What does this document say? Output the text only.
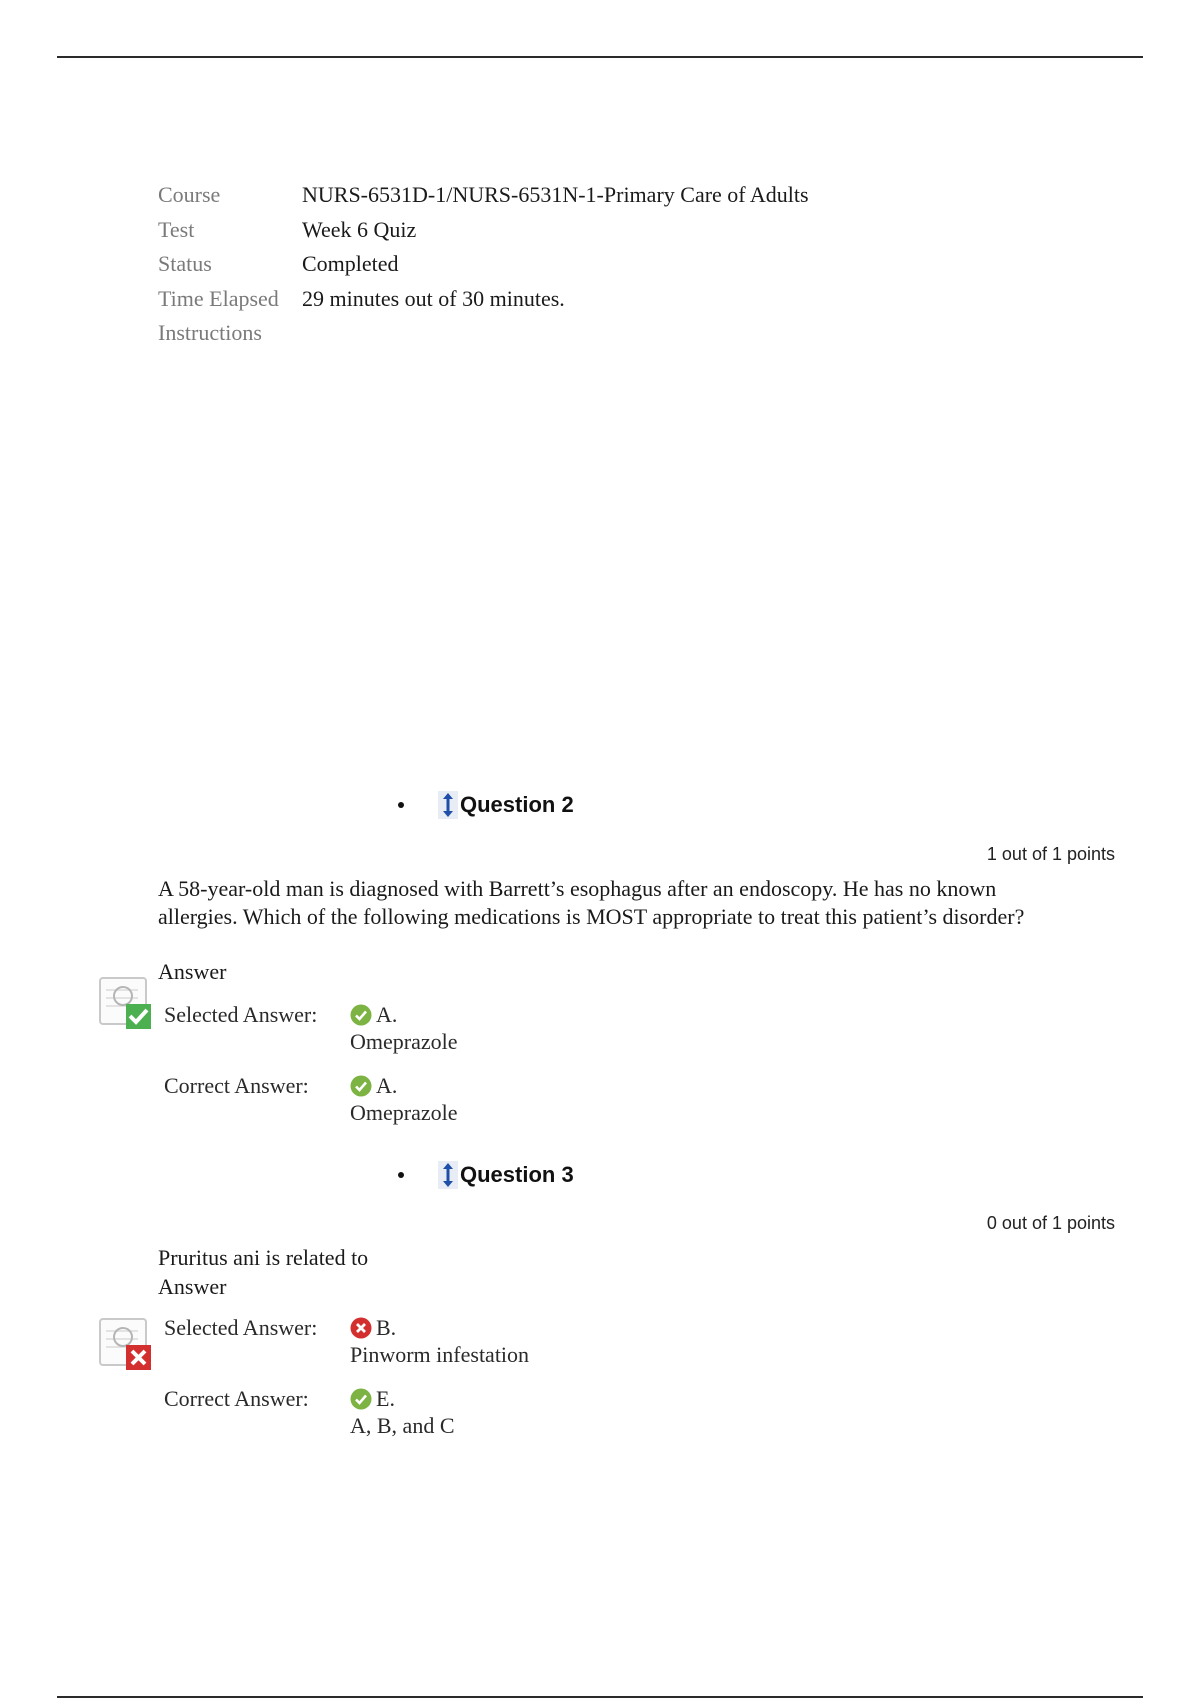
Course	NURS-6531D-1/NURS-6531N-1-Primary Care of Adults
Test	Week 6 Quiz
Status	Completed
Time Elapsed	29 minutes out of 30 minutes.
Instructions
Question 2
1 out of 1 points
A 58-year-old man is diagnosed with Barrett’s esophagus after an endoscopy. He has no known allergies. Which of the following medications is MOST appropriate to treat this patient’s disorder?
Answer
Selected Answer:	A.
Omeprazole
Correct Answer:	A.
Omeprazole
Question 3
0 out of 1 points
Pruritus ani is related to
Answer
Selected Answer:	B.
Pinworm infestation
Correct Answer:	E.
A, B, and C
